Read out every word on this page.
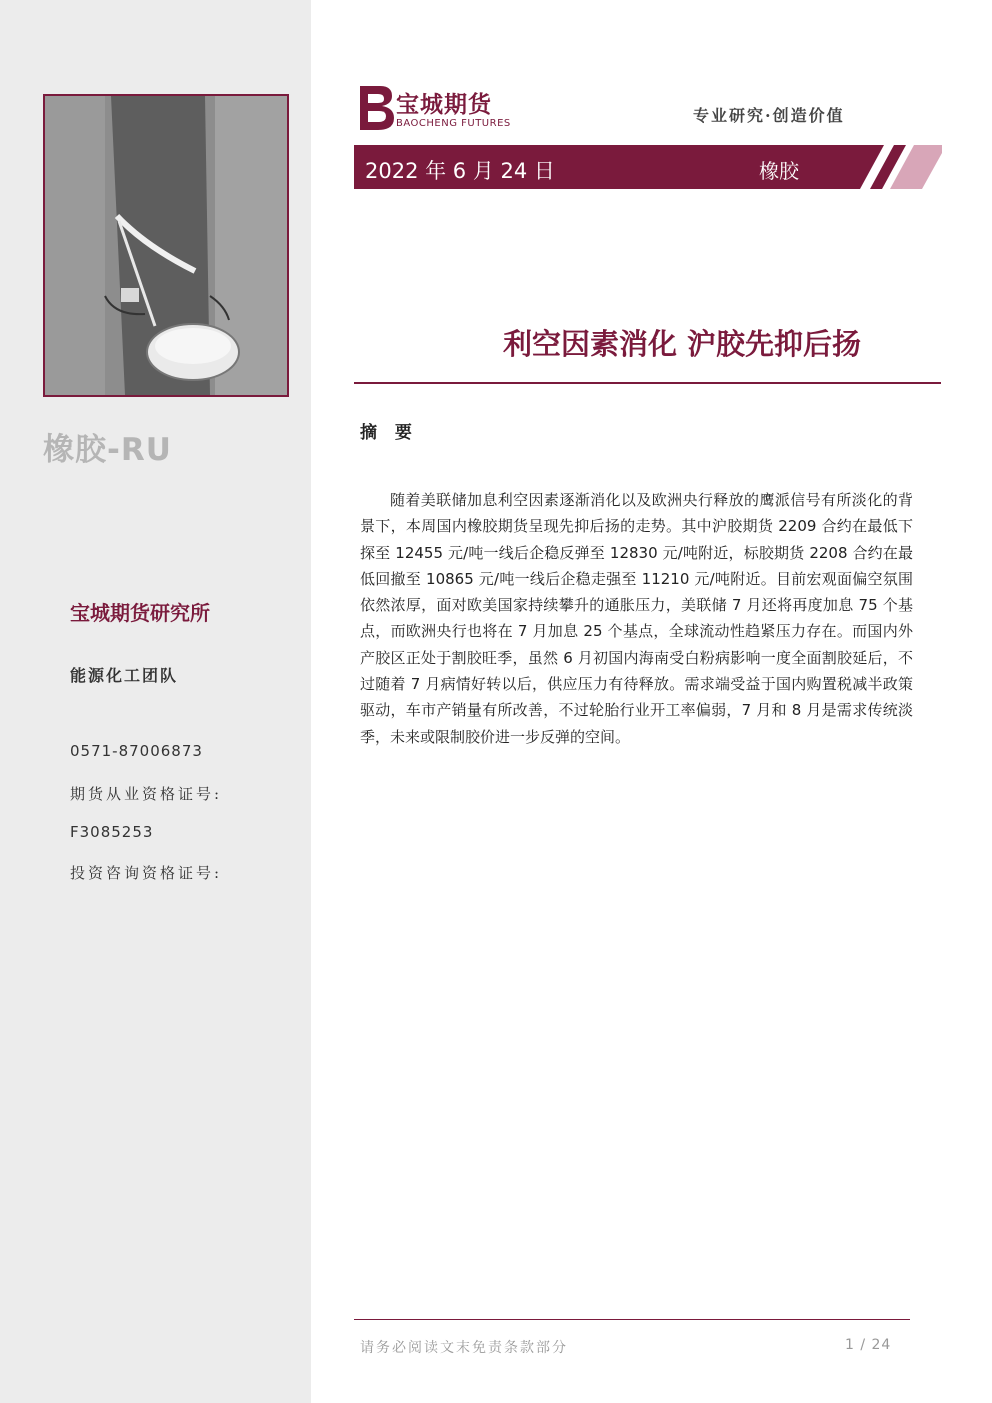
橡胶-RU
宝城期货研究所
能源化工团队
0571-87006873
期货从业资格证号:
F3085253
投资咨询资格证号:
宝城期货
BAOCHENG FUTURES	专业研究·创造价值
2022 年 6 月 24 日	橡胶
利空因素消化 沪胶先抑后扬
摘 要

随着美联储加息利空因素逐渐消化以及欧洲央行释放的鹰派信号有所淡化的背景下，本周国内橡胶期货呈现先抑后扬的走势。其中沪胶期货 2209 合约在最低下探至 12455 元/吨一线后企稳反弹至 12830 元/吨附近，标胶期货 2208 合约在最低回撤至 10865 元/吨一线后企稳走强至 11210 元/吨附近。目前宏观面偏空氛围依然浓厚，面对欧美国家持续攀升的通胀压力，美联储 7 月还将再度加息 75 个基点，而欧洲央行也将在 7 月加息 25 个基点，全球流动性趋紧压力存在。而国内外产胶区正处于割胶旺季，虽然 6 月初国内海南受白粉病影响一度全面割胶延后，不过随着 7 月病情好转以后，供应压力有待释放。需求端受益于国内购置税减半政策驱动，车市产销量有所改善，不过轮胎行业开工率偏弱，7 月和 8 月是需求传统淡季，未来或限制胶价进一步反弹的空间。

请务必阅读文末免责条款部分	1 / 24
